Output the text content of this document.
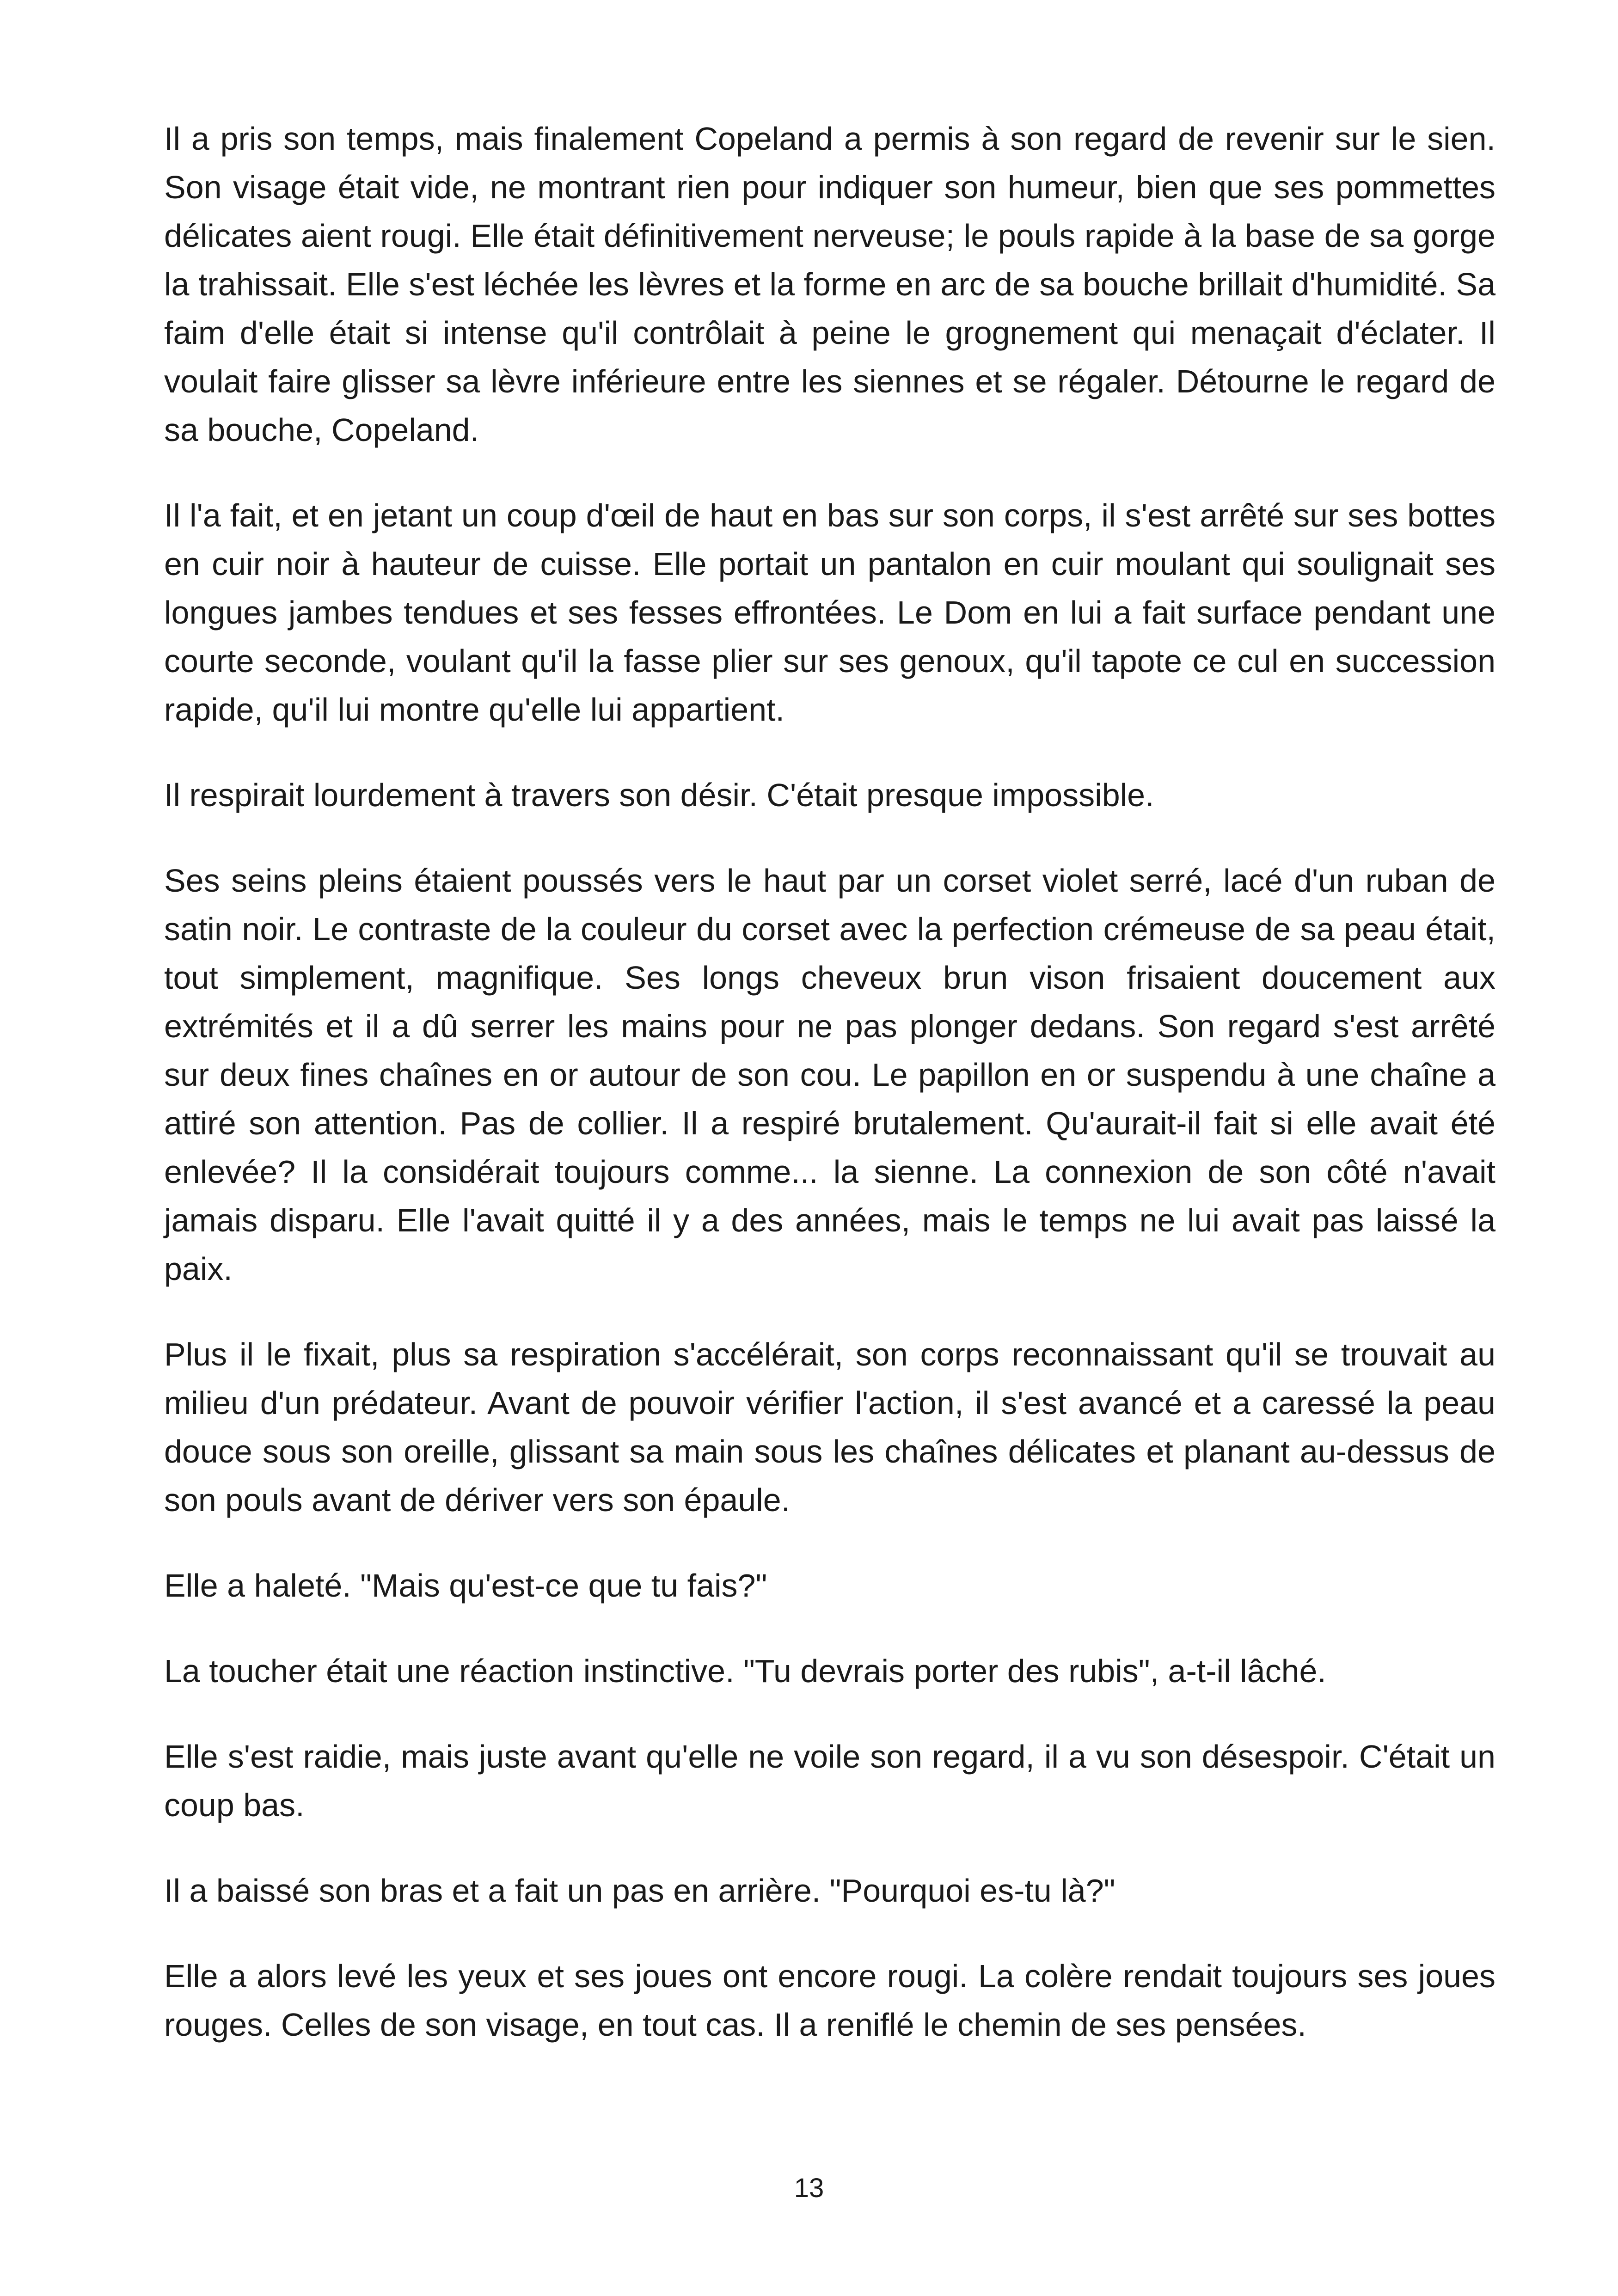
Il a pris son temps, mais finalement Copeland a permis à son regard de revenir sur le sien. Son visage était vide, ne montrant rien pour indiquer son humeur, bien que ses pommettes délicates aient rougi. Elle était définitivement nerveuse; le pouls rapide à la base de sa gorge la trahissait. Elle s'est léchée les lèvres et la forme en arc de sa bouche brillait d'humidité. Sa faim d'elle était si intense qu'il contrôlait à peine le grognement qui menaçait d'éclater. Il voulait faire glisser sa lèvre inférieure entre les siennes et se régaler. Détourne le regard de sa bouche, Copeland.

Il l'a fait, et en jetant un coup d'œil de haut en bas sur son corps, il s'est arrêté sur ses bottes en cuir noir à hauteur de cuisse. Elle portait un pantalon en cuir moulant qui soulignait ses longues jambes tendues et ses fesses effrontées. Le Dom en lui a fait surface pendant une courte seconde, voulant qu'il la fasse plier sur ses genoux, qu'il tapote ce cul en succession rapide, qu'il lui montre qu'elle lui appartient.

Il respirait lourdement à travers son désir. C'était presque impossible.

Ses seins pleins étaient poussés vers le haut par un corset violet serré, lacé d'un ruban de satin noir. Le contraste de la couleur du corset avec la perfection crémeuse de sa peau était, tout simplement, magnifique. Ses longs cheveux brun vison frisaient doucement aux extrémités et il a dû serrer les mains pour ne pas plonger dedans. Son regard s'est arrêté sur deux fines chaînes en or autour de son cou. Le papillon en or suspendu à une chaîne a attiré son attention. Pas de collier. Il a respiré brutalement. Qu'aurait-il fait si elle avait été enlevée? Il la considérait toujours comme... la sienne. La connexion de son côté n'avait jamais disparu. Elle l'avait quitté il y a des années, mais le temps ne lui avait pas laissé la paix.

Plus il le fixait, plus sa respiration s'accélérait, son corps reconnaissant qu'il se trouvait au milieu d'un prédateur. Avant de pouvoir vérifier l'action, il s'est avancé et a caressé la peau douce sous son oreille, glissant sa main sous les chaînes délicates et planant au-dessus de son pouls avant de dériver vers son épaule.

Elle a haleté. "Mais qu'est-ce que tu fais?"

La toucher était une réaction instinctive. "Tu devrais porter des rubis", a-t-il lâché.

Elle s'est raidie, mais juste avant qu'elle ne voile son regard, il a vu son désespoir. C'était un coup bas.

Il a baissé son bras et a fait un pas en arrière. "Pourquoi es-tu là?"

Elle a alors levé les yeux et ses joues ont encore rougi. La colère rendait toujours ses joues rouges. Celles de son visage, en tout cas. Il a reniflé le chemin de ses pensées.

13
